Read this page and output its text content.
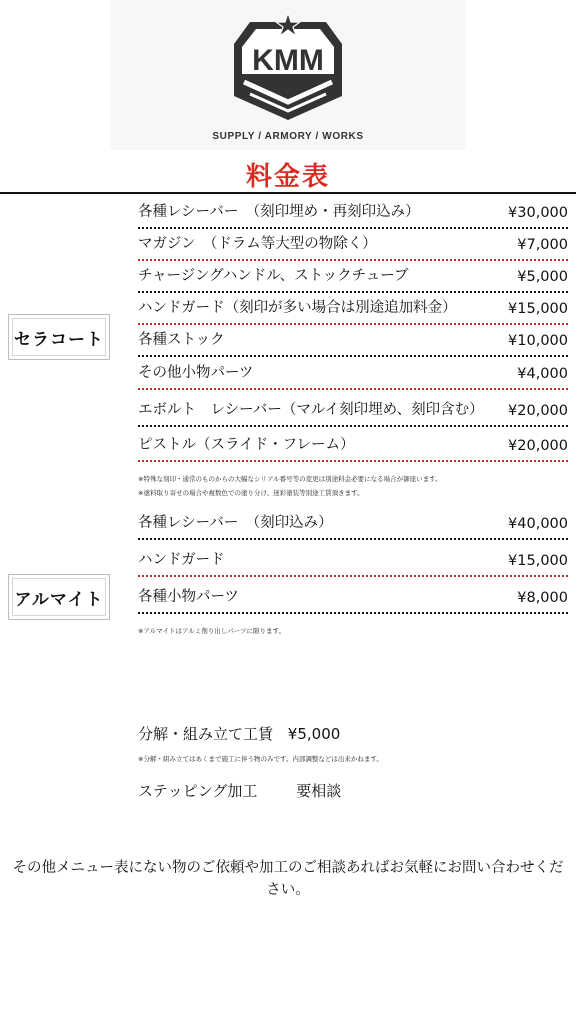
KMM
SUPPLY / ARMORY / WORKS
料金表
セラコート
各種レシーバー　（刻印埋め・再刻印込み）	¥30,000
マガジン　（ドラム等大型の物除く）	¥7,000
チャージングハンドル、ストックチューブ	¥5,000
ハンドガード（刻印が多い場合は別途追加料金）	¥15,000
各種ストック	¥10,000
その他小物パーツ	¥4,000
エボルト　レシーバー（マルイ刻印埋め、刻印含む） ¥20,000
ピストル（スライド・フレーム）	¥20,000
※特殊な刻印・通常のものからの大幅なシリアル番号等の変更は別途料金必要になる場合が御座います。
※塗料取り寄せの場合や複数色での塗り分け、迷彩塗装等別途工賃頂きます。
アルマイト
各種レシーバー　（刻印込み）	¥40,000
ハンドガード	¥15,000
各種小物パーツ	¥8,000
※アルマイトはアルミ削り出しパーツに限ります。
分解・組み立て工賃 ¥5,000
※分解・組み立てはあくまで施工に伴う物のみです。内部調整などは出来かねます。
ステッピング加工	要相談
その他メニュー表にない物のご依頼や加工のご相談あればお気軽にお問い合わせください。
